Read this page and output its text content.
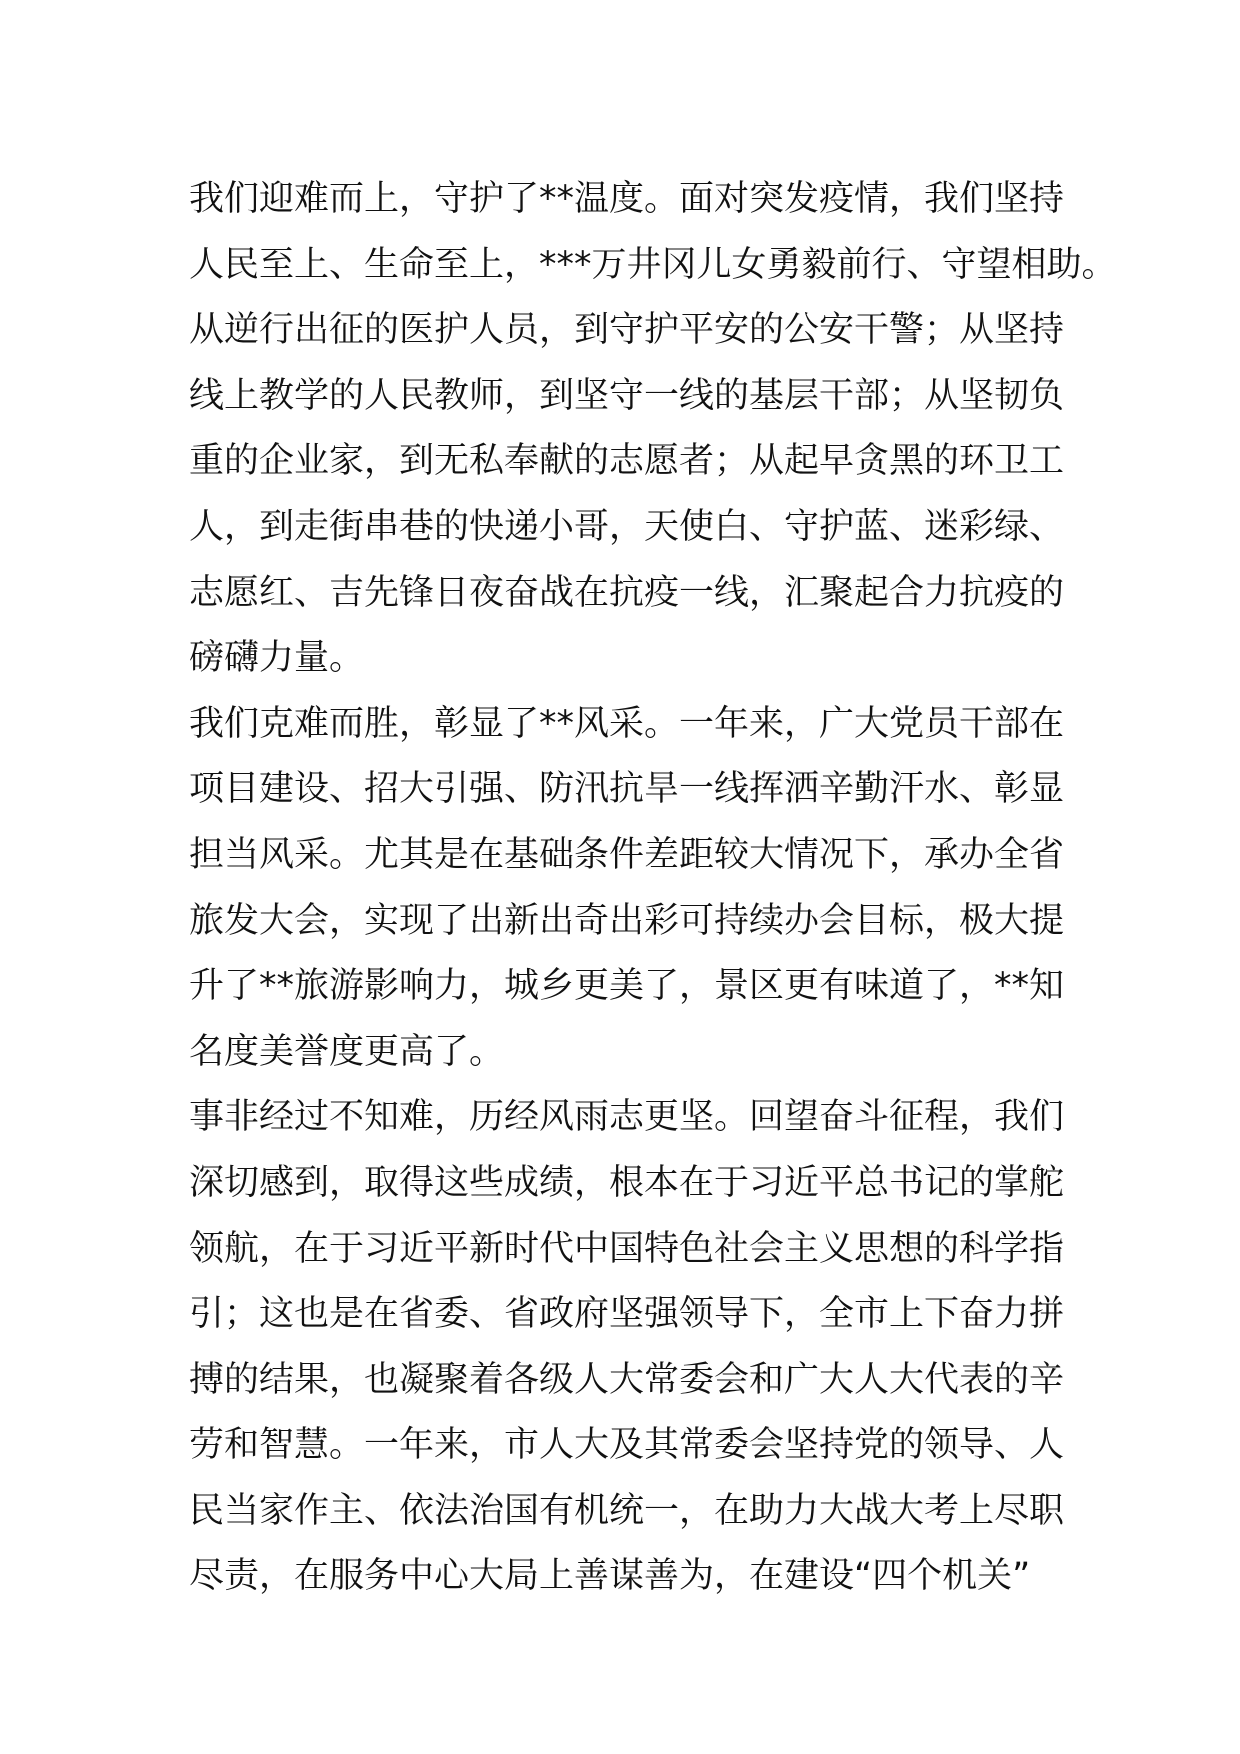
我们迎难而上，守护了**温度。面对突发疫情，我们坚持
人民至上、生命至上，***万井冈儿女勇毅前行、守望相助。
从逆行出征的医护人员，到守护平安的公安干警；从坚持
线上教学的人民教师，到坚守一线的基层干部；从坚韧负
重的企业家，到无私奉献的志愿者；从起早贪黑的环卫工
人，到走街串巷的快递小哥，天使白、守护蓝、迷彩绿、
志愿红、吉先锋日夜奋战在抗疫一线，汇聚起合力抗疫的
磅礴力量。
我们克难而胜，彰显了**风采。一年来，广大党员干部在
项目建设、招大引强、防汛抗旱一线挥洒辛勤汗水、彰显
担当风采。尤其是在基础条件差距较大情况下，承办全省
旅发大会，实现了出新出奇出彩可持续办会目标，极大提
升了**旅游影响力，城乡更美了，景区更有味道了，**知
名度美誉度更高了。
事非经过不知难，历经风雨志更坚。回望奋斗征程，我们
深切感到，取得这些成绩，根本在于习近平总书记的掌舵
领航，在于习近平新时代中国特色社会主义思想的科学指
引；这也是在省委、省政府坚强领导下，全市上下奋力拼
搏的结果，也凝聚着各级人大常委会和广大人大代表的辛
劳和智慧。一年来，市人大及其常委会坚持党的领导、人
民当家作主、依法治国有机统一，在助力大战大考上尽职
尽责，在服务中心大局上善谋善为，在建设“四个机关”
